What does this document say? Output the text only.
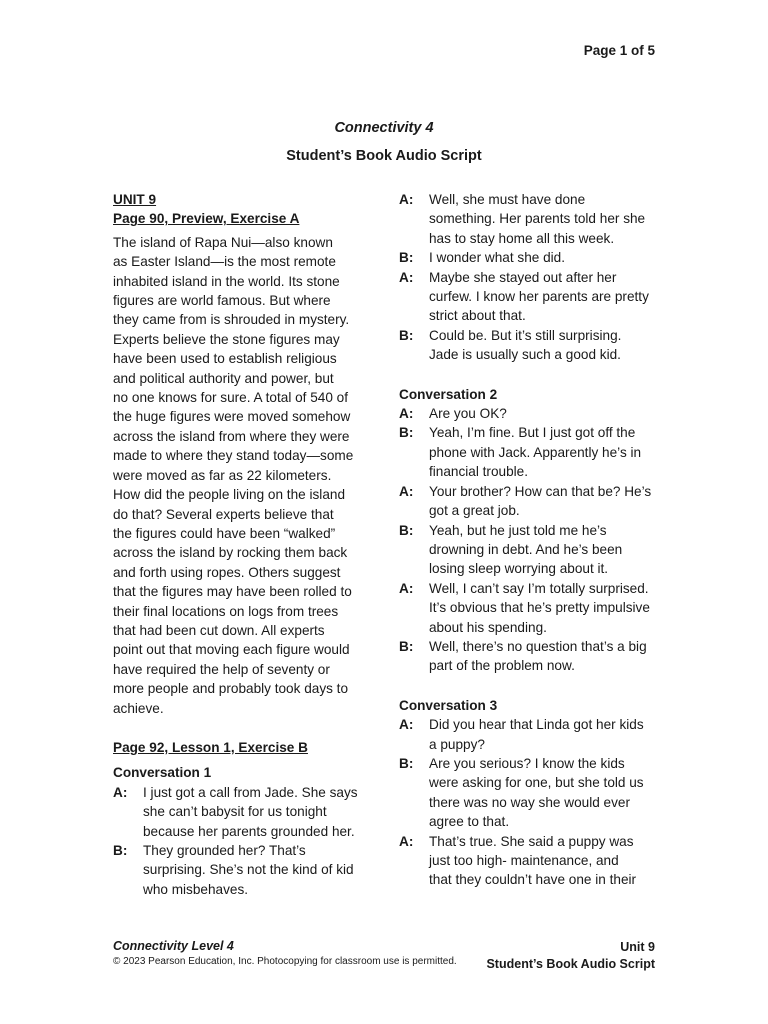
Page 1 of 5
Connectivity 4
Student’s Book Audio Script
UNIT 9
Page 90, Preview, Exercise A
The island of Rapa Nui—also known
as Easter Island—is the most remote
inhabited island in the world. Its stone
figures are world famous. But where
they came from is shrouded in mystery.
Experts believe the stone figures may
have been used to establish religious
and political authority and power, but
no one knows for sure. A total of 540 of
the huge figures were moved somehow
across the island from where they were
made to where they stand today—some
were moved as far as 22 kilometers.
How did the people living on the island
do that? Several experts believe that
the figures could have been “walked”
across the island by rocking them back
and forth using ropes. Others suggest
that the figures may have been rolled to
their final locations on logs from trees
that had been cut down. All experts
point out that moving each figure would
have required the help of seventy or
more people and probably took days to
achieve.
Page 92, Lesson 1, Exercise B
Conversation 1
A:	I just got a call from Jade. She says
she can’t babysit for us tonight
because her parents grounded her.
B:	They grounded her? That’s
surprising. She’s not the kind of kid
who misbehaves.
A:	Well, she must have done
something. Her parents told her she
has to stay home all this week.
B:	I wonder what she did.
A:	Maybe she stayed out after her
curfew. I know her parents are pretty
strict about that.
B:	Could be. But it’s still surprising.
Jade is usually such a good kid.
Conversation 2
A:	Are you OK?
B:	Yeah, I’m fine. But I just got off the
phone with Jack. Apparently he’s in
financial trouble.
A:	Your brother? How can that be? He’s
got a great job.
B:	Yeah, but he just told me he’s
drowning in debt. And he’s been
losing sleep worrying about it.
A:	Well, I can’t say I’m totally surprised.
It’s obvious that he’s pretty impulsive
about his spending.
B:	Well, there’s no question that’s a big
part of the problem now.
Conversation 3
A:	Did you hear that Linda got her kids
a puppy?
B:	Are you serious? I know the kids
were asking for one, but she told us
there was no way she would ever
agree to that.
A:	That’s true. She said a puppy was
just too high- maintenance, and
that they couldn’t have one in their
Connectivity Level 4
© 2023 Pearson Education, Inc. Photocopying for classroom use is permitted.
Unit 9
Student’s Book Audio Script
